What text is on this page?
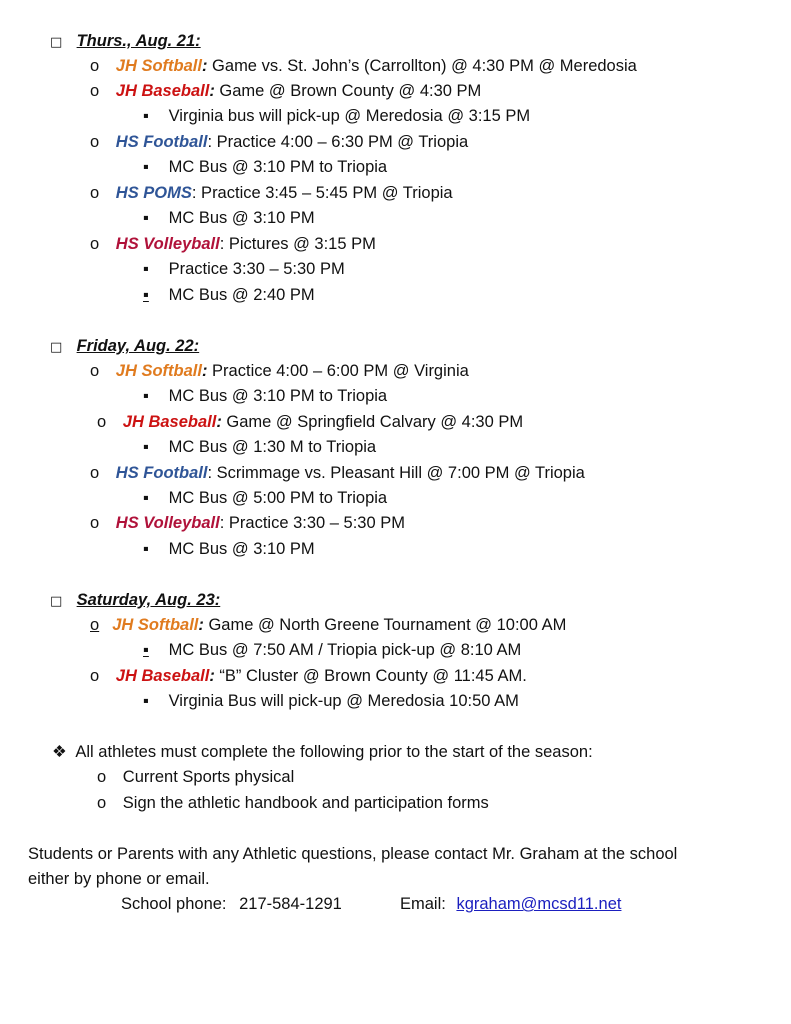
□ Thurs., Aug. 21:
o JH Softball: Game vs. St. John’s (Carrollton) @ 4:30 PM @ Meredosia
o JH Baseball: Game @ Brown County @ 4:30 PM
▪ Virginia bus will pick-up @ Meredosia @ 3:15 PM
o HS Football: Practice 4:00 – 6:30 PM @ Triopia
▪ MC Bus @ 3:10 PM to Triopia
o HS POMS: Practice 3:45 – 5:45 PM @ Triopia
▪ MC Bus @ 3:10 PM
o HS Volleyball: Pictures @ 3:15 PM
▪ Practice 3:30 – 5:30 PM
▪ MC Bus @ 2:40 PM
□ Friday, Aug. 22:
o JH Softball: Practice 4:00 – 6:00 PM @ Virginia
▪ MC Bus @ 3:10 PM to Triopia
o JH Baseball: Game @ Springfield Calvary @ 4:30 PM
▪ MC Bus @ 1:30 M to Triopia
o HS Football: Scrimmage vs. Pleasant Hill @ 7:00 PM @ Triopia
▪ MC Bus @ 5:00 PM to Triopia
o HS Volleyball: Practice 3:30 – 5:30 PM
▪ MC Bus @ 3:10 PM
□ Saturday, Aug. 23:
o JH Softball: Game @ North Greene Tournament @ 10:00 AM
▪ MC Bus @ 7:50 AM / Triopia pick-up @ 8:10 AM
o JH Baseball: “B” Cluster @ Brown County @ 11:45 AM.
▪ Virginia Bus will pick-up @ Meredosia 10:50 AM
❖ All athletes must complete the following prior to the start of the season:
o Current Sports physical
o Sign the athletic handbook and participation forms
Students or Parents with any Athletic questions, please contact Mr. Graham at the school
either by phone or email.
School phone: 217-584-1291	Email: kgraham@mcsd11.net
